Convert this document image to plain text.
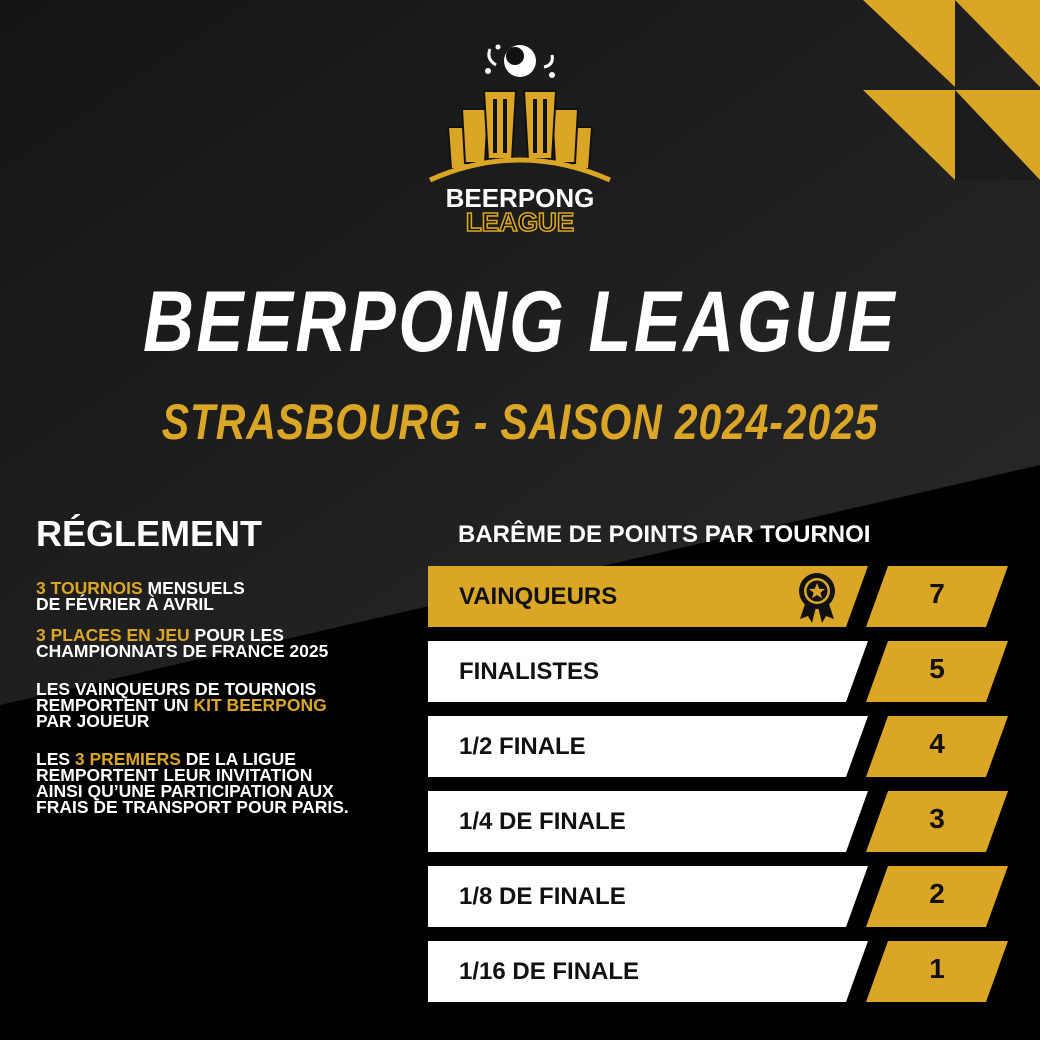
BEERPONG
LEAGUE
BEERPONG LEAGUE
STRASBOURG - SAISON 2024-2025
RÉGLEMENT
3 TOURNOIS MENSUELS
DE FÉVRIER À AVRIL
3 PLACES EN JEU POUR LES
CHAMPIONNATS DE FRANCE 2025
LES VAINQUEURS DE TOURNOIS
REMPORTENT UN KIT BEERPONG
PAR JOUEUR
LES 3 PREMIERS DE LA LIGUE
REMPORTENT LEUR INVITATION
AINSI QU’UNE PARTICIPATION AUX
FRAIS DE TRANSPORT POUR PARIS.
BARÊME DE POINTS PAR TOURNOI
VAINQUEURS	7
FINALISTES	5
1/2 FINALE	4
1/4 DE FINALE	3
1/8 DE FINALE	2
1/16 DE FINALE	1
